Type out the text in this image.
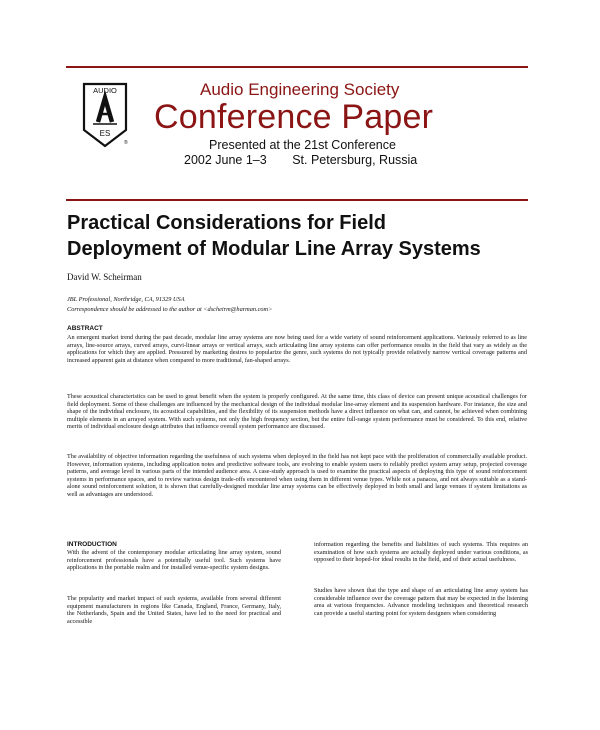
AUDIO
ES
®
Audio Engineering Society
Conference Paper
Presented at the 21st Conference
2002 June 1–3 St. Petersburg, Russia
Practical Considerations for Field
Deployment of Modular Line Array Systems
David W. Scheirman
JBL Professional, Northridge, CA, 91329 USA
Correspondence should be addressed to the author at <dscheirm@harman.com>
ABSTRACT
An emergent market trend during the past decade, modular line array systems are now being used for a wide variety of sound reinforcement applications. Variously referred to as line arrays, line-source arrays, curved arrays, curvi-linear arrays or vertical arrays, such articulating line array systems can offer performance results in the field that vary as widely as the applications for which they are applied. Pressured by marketing desires to popularize the genre, such systems do not typically provide relatively narrow vertical coverage patterns and increased apparent gain at distance when compared to more traditional, fan-shaped arrays.
These acoustical characteristics can be used to great benefit when the system is properly configured. At the same time, this class of device can present unique acoustical challenges for field deployment. Some of these challenges are influenced by the mechanical design of the individual modular line-array element and its suspension hardware. For instance, the size and shape of the individual enclosure, its acoustical capabilities, and the flexibility of its suspension methods have a direct influence on what can, and cannot, be achieved when combining multiple elements in an arrayed system. With such systems, not only the high frequency section, but the entire full-range system performance must be considered. To this end, relative merits of individual enclosure design attributes that influence overall system performance are discussed.
The availability of objective information regarding the usefulness of such systems when deployed in the field has not kept pace with the proliferation of commercially available product. However, information systems, including application notes and predictive software tools, are evolving to enable system users to reliably predict system array setup, projected coverage patterns, and average level in various parts of the intended audience area. A case-study approach is used to examine the practical aspects of deploying this type of sound reinforcement systems in performance spaces, and to review various design trade-offs encountered when using them in different venue types. While not a panacea, and not always suitable as a stand-alone sound reinforcement solution, it is shown that carefully-designed modular line array systems can be effectively deployed in both small and large venues if system limitations as well as advantages are understood.
INTRODUCTION
With the advent of the contemporary modular articulating line array system, sound reinforcement professionals have a potentially useful tool. Such systems have applications in the portable realm and for installed venue-specific system designs.
The popularity and market impact of such systems, available from several different equipment manufacturers in regions like Canada, England, France, Germany, Italy, the Netherlands, Spain and the United States, have led to the need for practical and accessible
information regarding the benefits and liabilities of such systems. This requires an examination of how such systems are actually deployed under various conditions, as opposed to their hoped-for ideal results in the field, and of their actual usefulness.
Studies have shown that the type and shape of an articulating line array system has considerable influence over the coverage pattern that may be expected in the listening area at various frequencies. Advance modeling techniques and theoretical research can provide a useful starting point for system designers when considering
